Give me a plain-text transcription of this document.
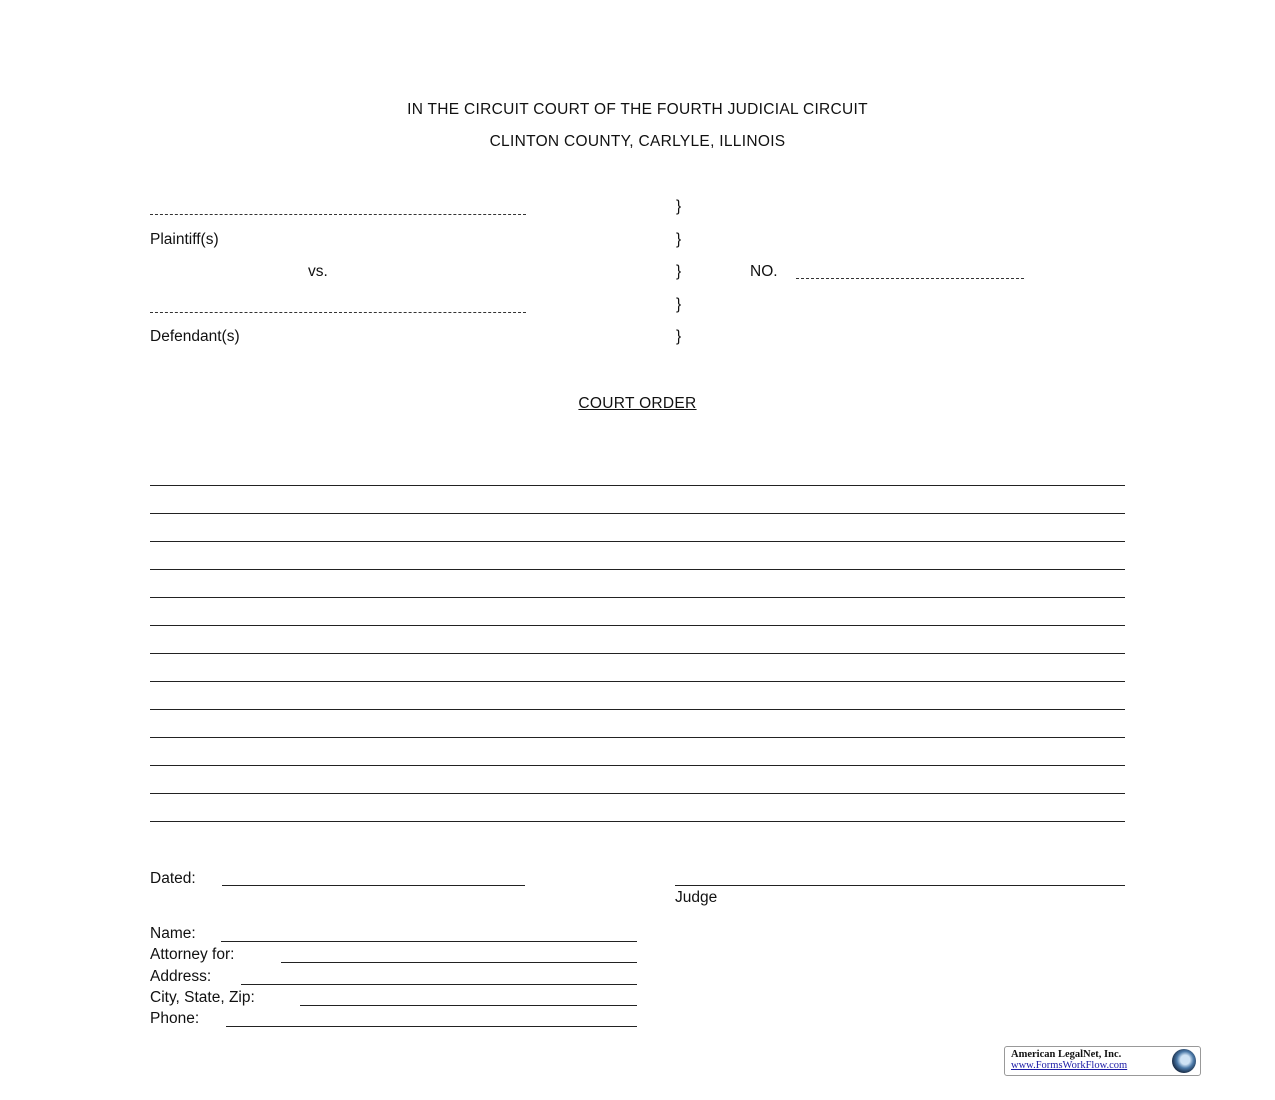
IN THE CIRCUIT COURT OF THE FOURTH JUDICIAL CIRCUIT
CLINTON COUNTY, CARLYLE, ILLINOIS
Plaintiff(s)
vs.
Defendant(s)
}
}
}
}
}
NO.
COURT ORDER
Dated:
Judge
Name:
Attorney for:
Address:
City, State, Zip:
Phone:
American LegalNet, Inc.
www.FormsWorkFlow.com
